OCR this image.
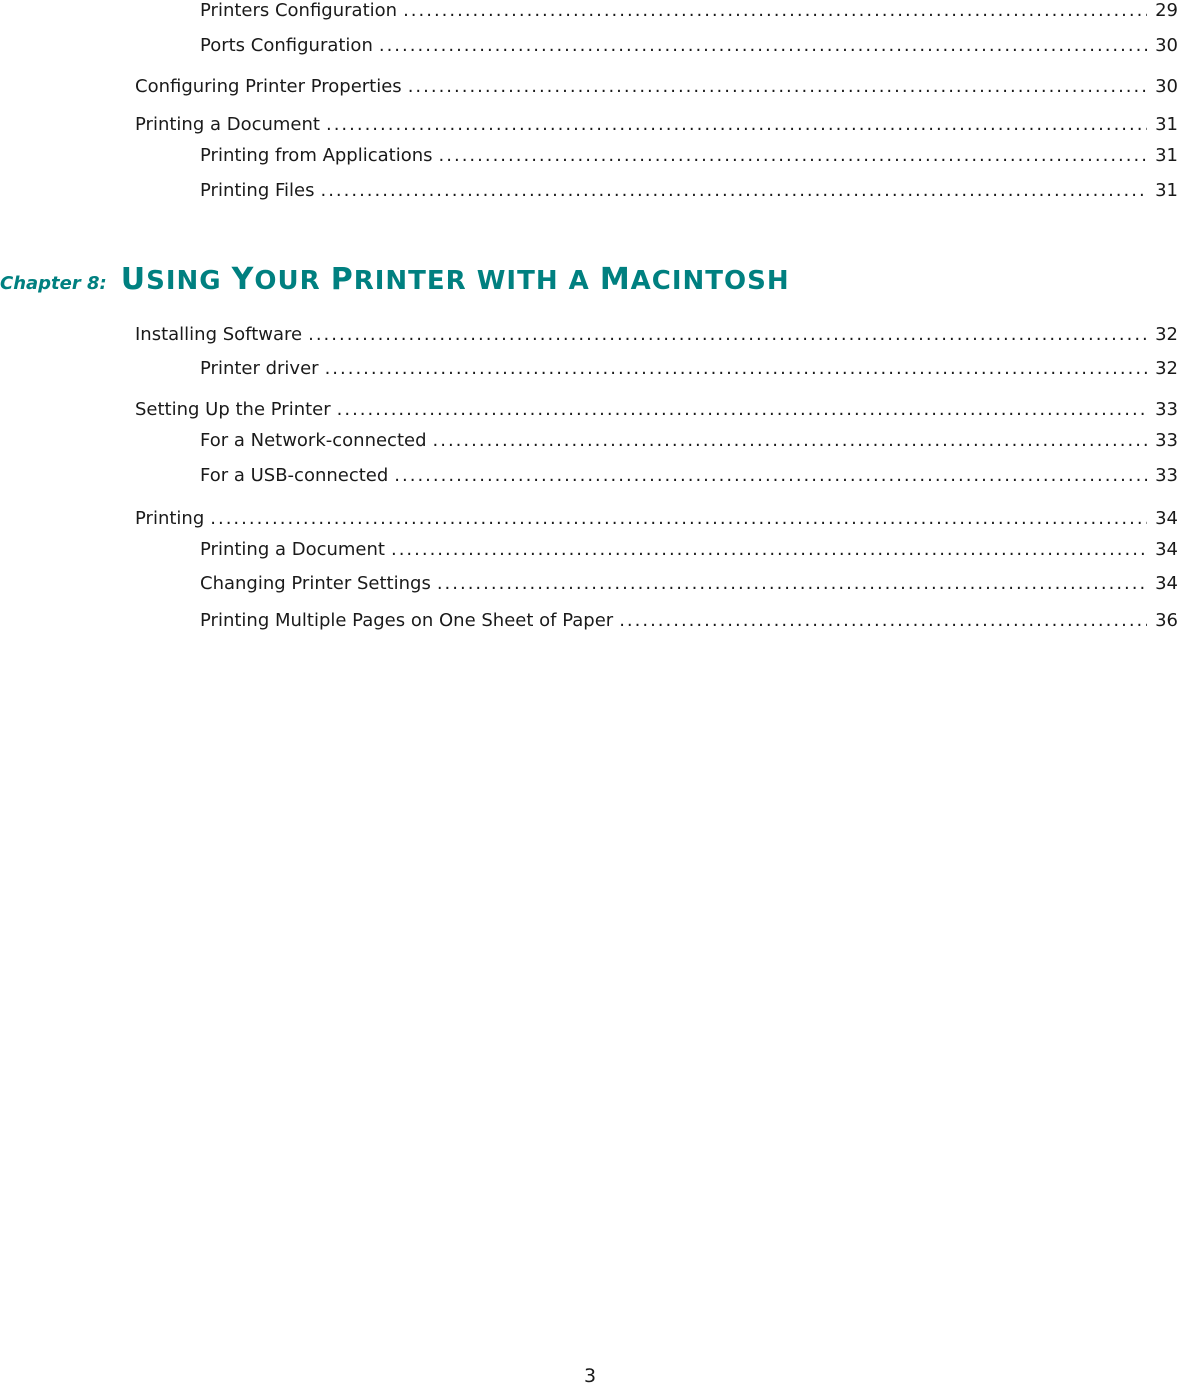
Printers Configuration .....	29
Ports Configuration .....	30
Configuring Printer Properties .....	30
Printing a Document .....	31
Printing from Applications .....	31
Printing Files .....	31
Chapter 8: USING YOUR PRINTER WITH A MACINTOSH
Installing Software .....	32
Printer driver .....	32
Setting Up the Printer .....	33
For a Network-connected .....	33
For a USB-connected .....	33
Printing .....	34
Printing a Document .....	34
Changing Printer Settings .....	34
Printing Multiple Pages on One Sheet of Paper .....	36
3
